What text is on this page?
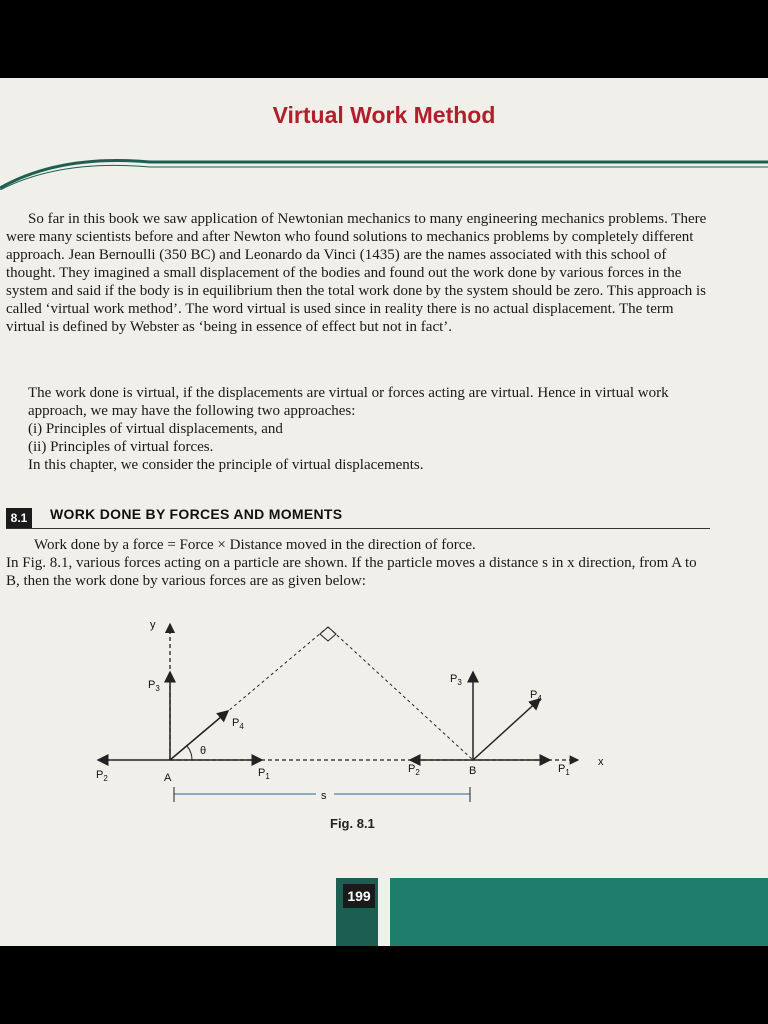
Virtual Work Method
So far in this book we saw application of Newtonian mechanics to many engineering mechanics problems. There were many scientists before and after Newton who found solutions to mechanics problems by completely different approach. Jean Bernoulli (350 BC) and Leonardo da Vinci (1435) are the names associated with this school of thought. They imagined a small displacement of the bodies and found out the work done by various forces in the system and said if the body is in equilibrium then the total work done by the system should be zero. This approach is called ‘virtual work method’. The word virtual is used since in reality there is no actual displacement. The term virtual is defined by Webster as ‘being in essence of effect but not in fact’.
The work done is virtual, if the displacements are virtual or forces acting are virtual. Hence in virtual work approach, we may have the following two approaches:
(i) Principles of virtual displacements, and
(ii) Principles of virtual forces.
In this chapter, we consider the principle of virtual displacements.
8.1	WORK DONE BY FORCES AND MOMENTS
Work done by a force = Force × Distance moved in the direction of force.
In Fig. 8.1, various forces acting on a particle are shown. If the particle moves a distance s in x direction, from A to B, then the work done by various forces are as given below:
y
x
A
B
s
θ
$P_3$
$P_4$
$P_2$	$P_1$
$P_3$
$P_4$
$P_2$	$P_1$
Fig. 8.1
199
